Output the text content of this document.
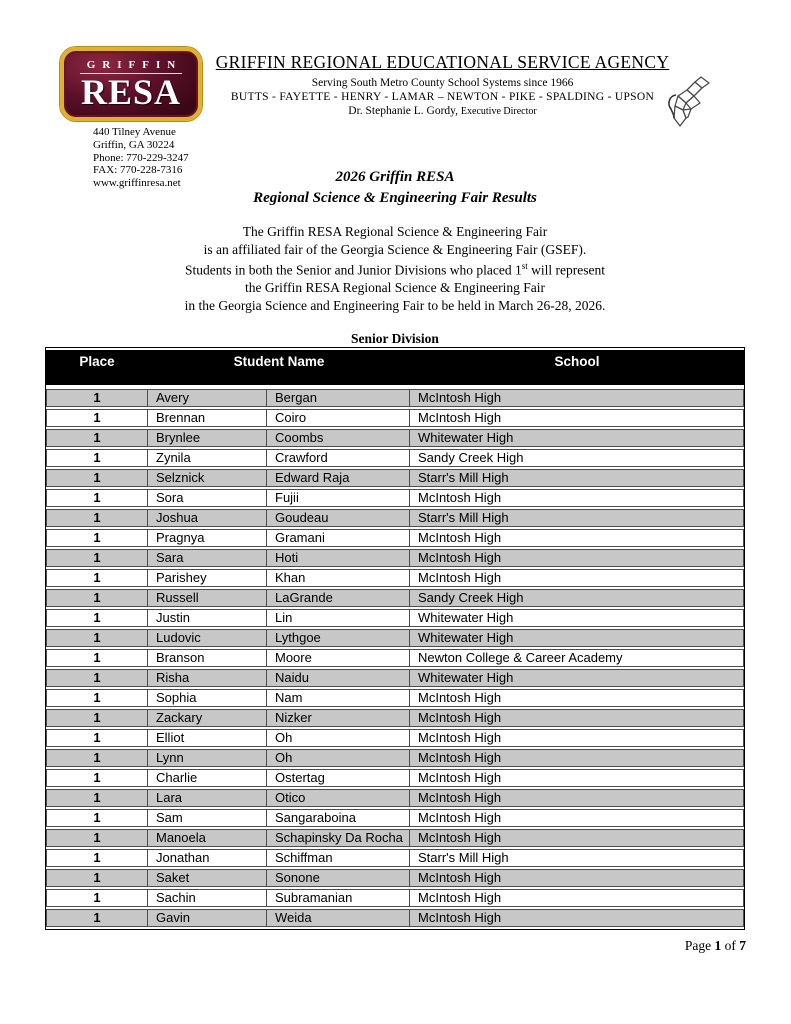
GRIFFIN
RESA
GRIFFIN REGIONAL EDUCATIONAL SERVICE AGENCY
Serving South Metro County School Systems since 1966
BUTTS - FAYETTE - HENRY - LAMAR – NEWTON - PIKE - SPALDING - UPSON
Dr. Stephanie L. Gordy, Executive Director
440 Tilney Avenue
Griffin, GA 30224
Phone: 770-229-3247
FAX: 770-228-7316
www.griffinresa.net	2026 Griffin RESA
Regional Science & Engineering Fair Results
The Griffin RESA Regional Science & Engineering Fair
is an affiliated fair of the Georgia Science & Engineering Fair (GSEF).
Students in both the Senior and Junior Divisions who placed 1st will represent
the Griffin RESA Regional Science & Engineering Fair
in the Georgia Science and Engineering Fair to be held in March 26-28, 2026.
Senior Division
Place	Student Name		School
1	Avery	Bergan	McIntosh High
1	Brennan	Coiro	McIntosh High
1	Brynlee	Coombs	Whitewater High
1	Zynila	Crawford	Sandy Creek High
1	Selznick	Edward Raja	Starr's Mill High
1	Sora	Fujii	McIntosh High
1	Joshua	Goudeau	Starr's Mill High
1	Pragnya	Gramani	McIntosh High
1	Sara	Hoti	McIntosh High
1	Parishey	Khan	McIntosh High
1	Russell	LaGrande	Sandy Creek High
1	Justin	Lin	Whitewater High
1	Ludovic	Lythgoe	Whitewater High
1	Branson	Moore	Newton College & Career Academy
1	Risha	Naidu	Whitewater High
1	Sophia	Nam	McIntosh High
1	Zackary	Nizker	McIntosh High
1	Elliot	Oh	McIntosh High
1	Lynn	Oh	McIntosh High
1	Charlie	Ostertag	McIntosh High
1	Lara	Otico	McIntosh High
1	Sam	Sangaraboina	McIntosh High
1	Manoela	Schapinsky Da Rocha	McIntosh High
1	Jonathan	Schiffman	Starr's Mill High
1	Saket	Sonone	McIntosh High
1	Sachin	Subramanian	McIntosh High
1	Gavin	Weida	McIntosh High
Page 1 of 7
